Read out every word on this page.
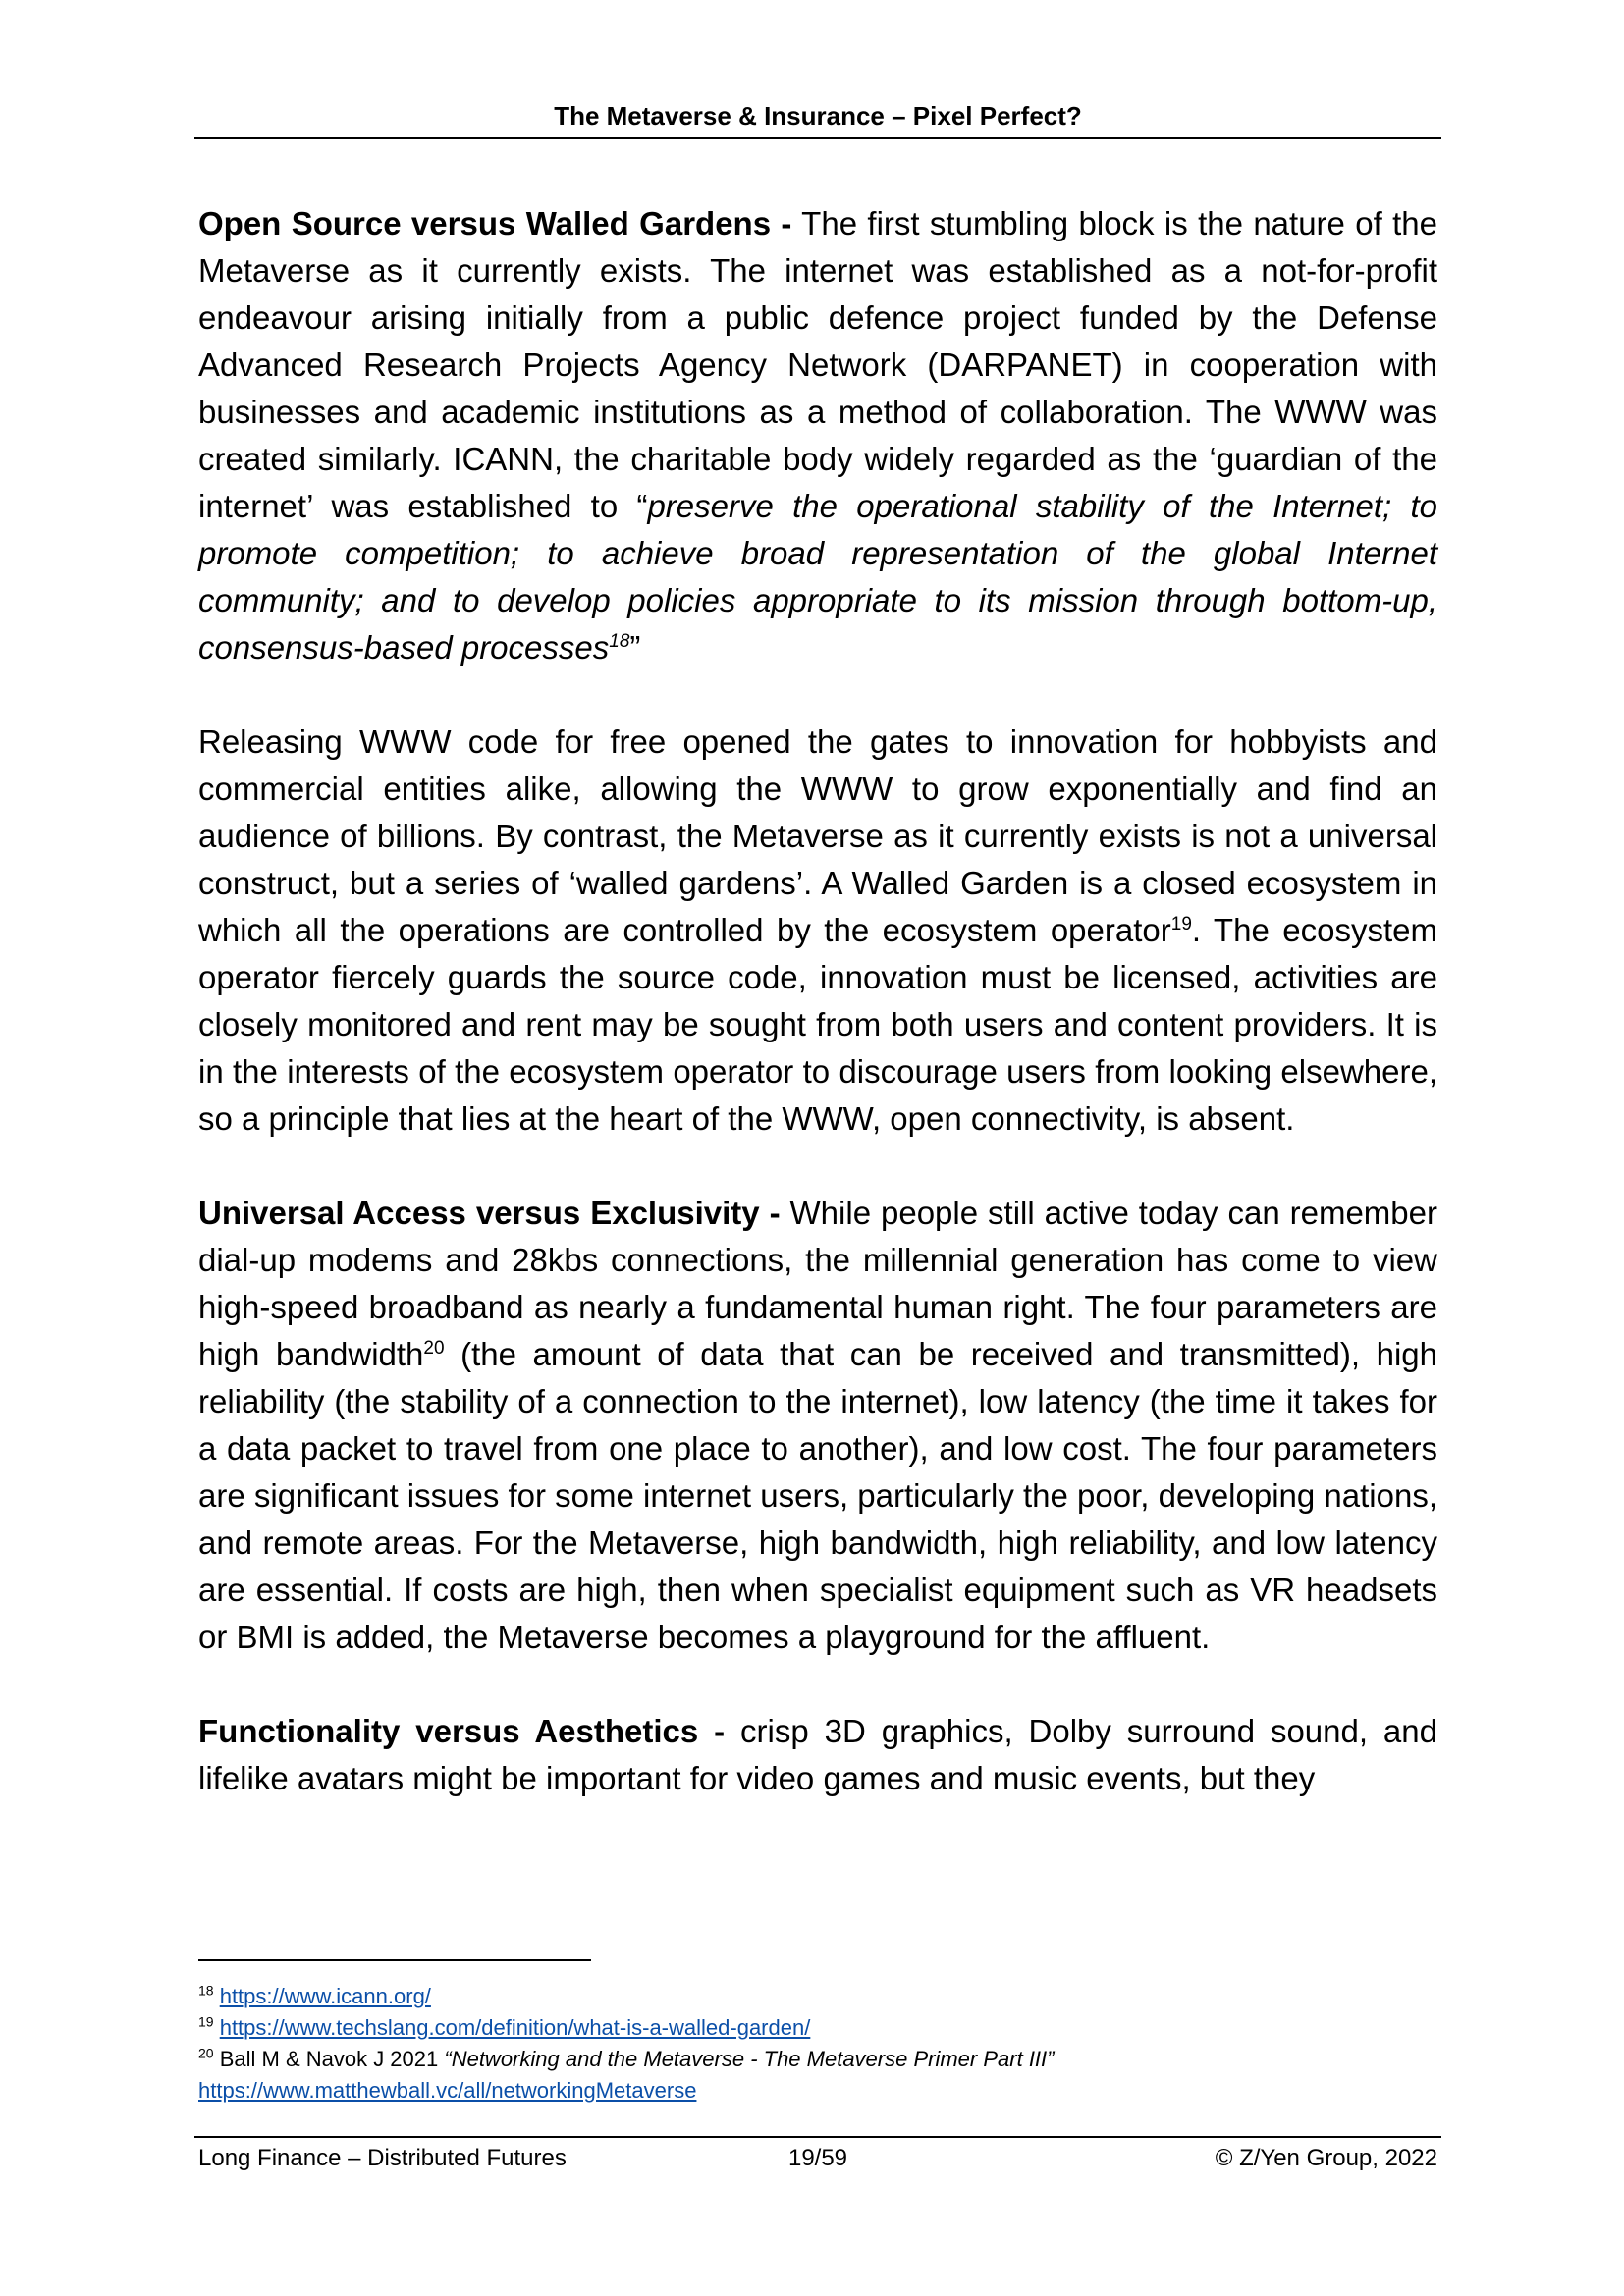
The Metaverse & Insurance – Pixel Perfect?

Open Source versus Walled Gardens - The first stumbling block is the nature of the Metaverse as it currently exists. The internet was established as a not-for-profit endeavour arising initially from a public defence project funded by the Defense Advanced Research Projects Agency Network (DARPANET) in cooperation with businesses and academic institutions as a method of collaboration. The WWW was created similarly. ICANN, the charitable body widely regarded as the ‘guardian of the internet’ was established to “preserve the operational stability of the Internet; to promote competition; to achieve broad representation of the global Internet community; and to develop policies appropriate to its mission through bottom-up, consensus-based processes$^{18}$”

Releasing WWW code for free opened the gates to innovation for hobbyists and commercial entities alike, allowing the WWW to grow exponentially and find an audience of billions. By contrast, the Metaverse as it currently exists is not a universal construct, but a series of ‘walled gardens’. A Walled Garden is a closed ecosystem in which all the operations are controlled by the ecosystem operator$^{19}$. The ecosystem operator fiercely guards the source code, innovation must be licensed, activities are closely monitored and rent may be sought from both users and content providers. It is in the interests of the ecosystem operator to discourage users from looking elsewhere, so a principle that lies at the heart of the WWW, open connectivity, is absent.

Universal Access versus Exclusivity - While people still active today can remember dial-up modems and 28kbs connections, the millennial generation has come to view high-speed broadband as nearly a fundamental human right. The four parameters are high bandwidth$^{20}$ (the amount of data that can be received and transmitted), high reliability (the stability of a connection to the internet), low latency (the time it takes for a data packet to travel from one place to another), and low cost. The four parameters are significant issues for some internet users, particularly the poor, developing nations, and remote areas. For the Metaverse, high bandwidth, high reliability, and low latency are essential. If costs are high, then when specialist equipment such as VR headsets or BMI is added, the Metaverse becomes a playground for the affluent.

Functionality versus Aesthetics - crisp 3D graphics, Dolby surround sound, and lifelike avatars might be important for video games and music events, but they

$^{18}$ https://www.icann.org/
$^{19}$ https://www.techslang.com/definition/what-is-a-walled-garden/
$^{20}$ Ball M & Navok J 2021 “Networking and the Metaverse - The Metaverse Primer Part III”
https://www.matthewball.vc/all/networkingMetaverse
Long Finance – Distributed Futures	19/59	© Z/Yen Group, 2022
